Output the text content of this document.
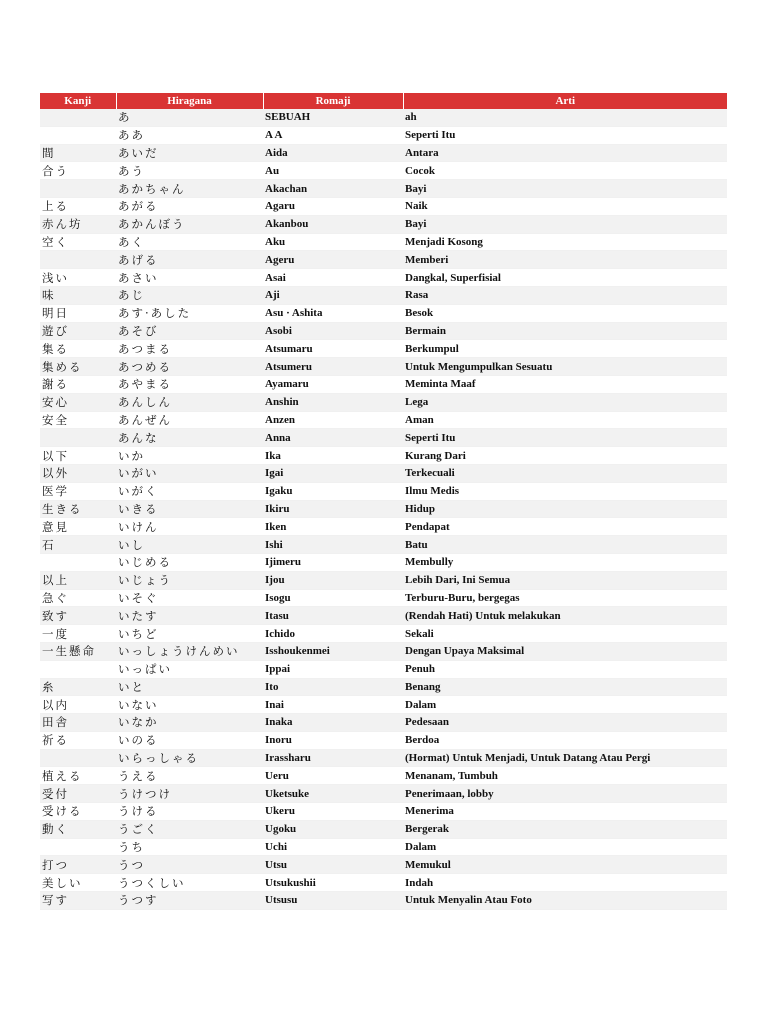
Kanji	Hiragana	Romaji	Arti
	あ	SEBUAH	ah
	ああ	A A	Seperti Itu
間	あいだ	Aida	Antara
合う	あう	Au	Cocok
	あかちゃん	Akachan	Bayi
上る	あがる	Agaru	Naik
赤ん坊	あかんぼう	Akanbou	Bayi
空く	あく	Aku	Menjadi Kosong
	あげる	Ageru	Memberi
浅い	あさい	Asai	Dangkal, Superfisial
味	あじ	Aji	Rasa
明日	あす·あした	Asu · Ashita	Besok
遊び	あそび	Asobi	Bermain
集る	あつまる	Atsumaru	Berkumpul
集める	あつめる	Atsumeru	Untuk Mengumpulkan Sesuatu
謝る	あやまる	Ayamaru	Meminta Maaf
安心	あんしん	Anshin	Lega
安全	あんぜん	Anzen	Aman
	あんな	Anna	Seperti Itu
以下	いか	Ika	Kurang Dari
以外	いがい	Igai	Terkecuali
医学	いがく	Igaku	Ilmu Medis
生きる	いきる	Ikiru	Hidup
意見	いけん	Iken	Pendapat
石	いし	Ishi	Batu
	いじめる	Ijimeru	Membully
以上	いじょう	Ijou	Lebih Dari, Ini Semua
急ぐ	いそぐ	Isogu	Terburu-Buru, bergegas
致す	いたす	Itasu	(Rendah Hati) Untuk melakukan
一度	いちど	Ichido	Sekali
一生懸命	いっしょうけんめい	Isshoukenmei	Dengan Upaya Maksimal
	いっぱい	Ippai	Penuh
糸	いと	Ito	Benang
以内	いない	Inai	Dalam
田舎	いなか	Inaka	Pedesaan
祈る	いのる	Inoru	Berdoa
	いらっしゃる	Irassharu	(Hormat) Untuk Menjadi, Untuk Datang Atau Pergi
植える	うえる	Ueru	Menanam, Tumbuh
受付	うけつけ	Uketsuke	Penerimaan, lobby
受ける	うける	Ukeru	Menerima
動く	うごく	Ugoku	Bergerak
	うち	Uchi	Dalam
打つ	うつ	Utsu	Memukul
美しい	うつくしい	Utsukushii	Indah
写す	うつす	Utsusu	Untuk Menyalin Atau Foto
